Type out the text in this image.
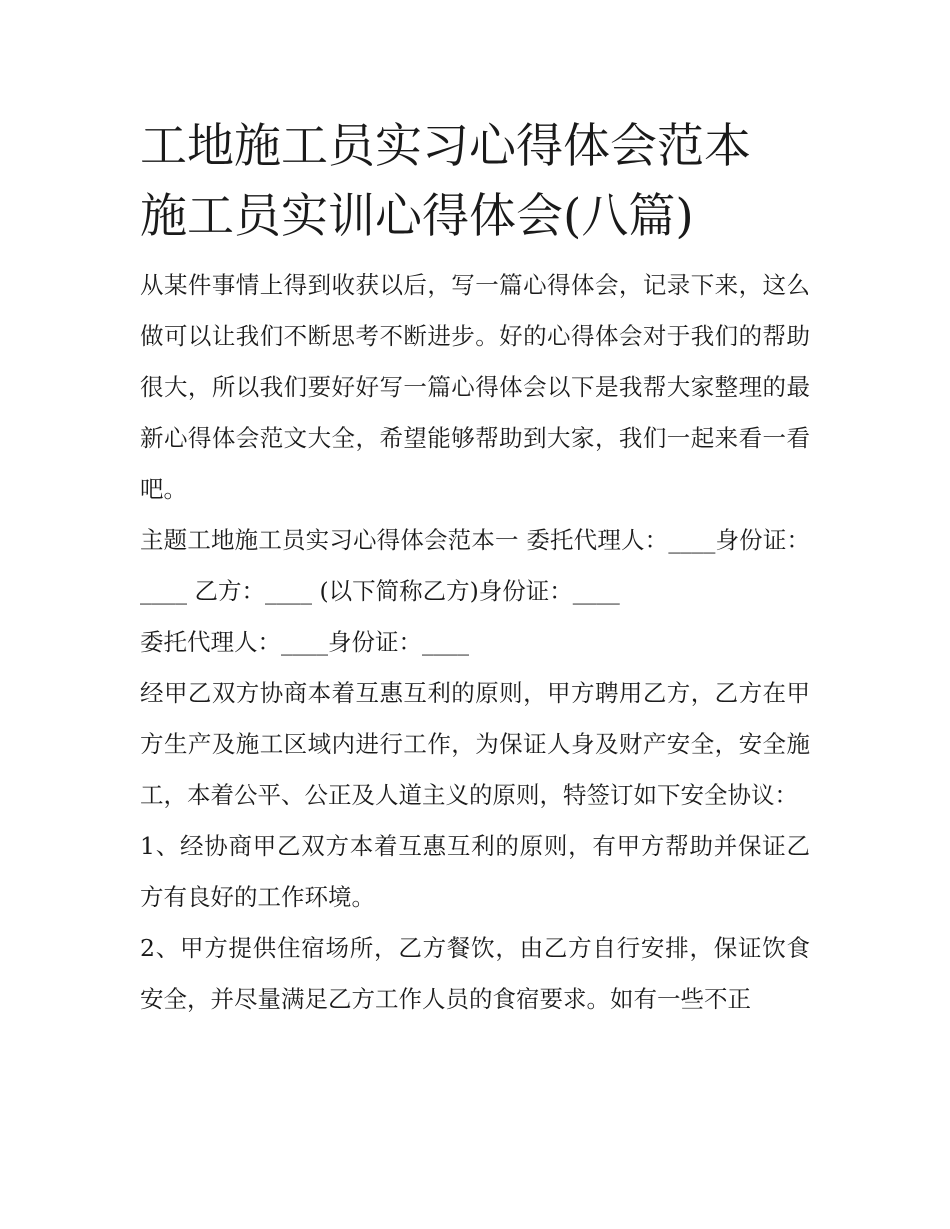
工地施工员实习心得体会范本
施工员实训心得体会(八篇)

从某件事情上得到收获以后，写一篇心得体会，记录下来，这么做可以让我们不断思考不断进步。好的心得体会对于我们的帮助很大，所以我们要好好写一篇心得体会以下是我帮大家整理的最新心得体会范文大全，希望能够帮助到大家，我们一起来看一看吧。

主题工地施工员实习心得体会范本一 委托代理人：____身份证：____ 乙方：____ (以下简称乙方)身份证：____

委托代理人：____身份证：____

经甲乙双方协商本着互惠互利的原则，甲方聘用乙方，乙方在甲方生产及施工区域内进行工作，为保证人身及财产安全，安全施工，本着公平、公正及人道主义的原则，特签订如下安全协议：

1、经协商甲乙双方本着互惠互利的原则，有甲方帮助并保证乙方有良好的工作环境。

2、甲方提供住宿场所，乙方餐饮，由乙方自行安排，保证饮食安全，并尽量满足乙方工作人员的食宿要求。如有一些不正
